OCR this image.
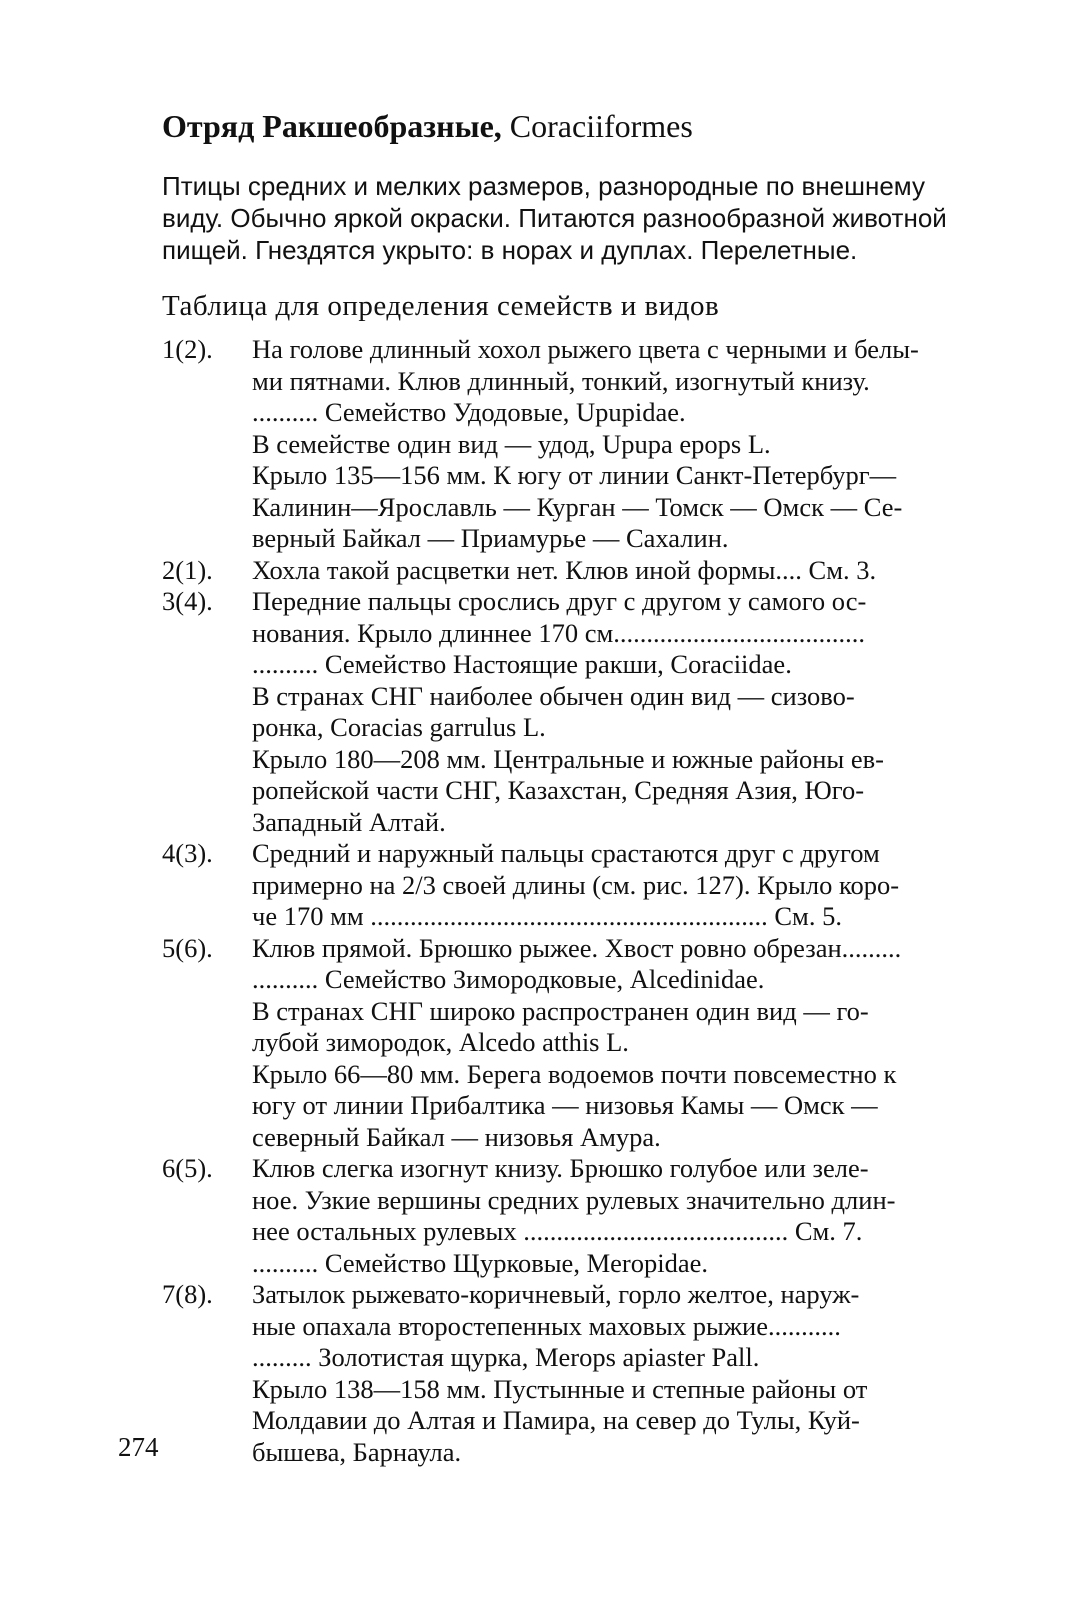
Отряд Ракшеобразные, Coraciiformes
Птицы средних и мелких размеров, разнородные по внешнему
виду. Обычно яркой окраски. Питаются разнообразной животной
пищей. Гнездятся укрыто: в норах и дуплах. Перелетные.
Таблица для определения семейств и видов
1(2).	На голове длинный хохол рыжего цвета с черными и белы-
ми пятнами. Клюв длинный, тонкий, изогнутый книзу.
.......... Семейство Удодовые, Upupidae.
В семействе один вид — удод, Upupa epops L.
Крыло 135—156 мм. К югу от линии Санкт-Петербург—
Калинин—Ярославль — Курган — Томск — Омск — Се-
верный Байкал — Приамурье — Сахалин.
2(1).	Хохла такой расцветки нет. Клюв иной формы.... См. 3.
3(4).	Передние пальцы срослись друг с другом у самого ос-
нования. Крыло длиннее 170 см......................................
.......... Семейство Настоящие ракши, Coraciidae.
В странах СНГ наиболее обычен один вид — сизово-
ронка, Coracias garrulus L.
Крыло 180—208 мм. Центральные и южные районы ев-
ропейской части СНГ, Казахстан, Средняя Азия, Юго-
Западный Алтай.
4(3).	Средний и наружный пальцы срастаются друг с другом
примерно на 2/3 своей длины (см. рис. 127). Крыло коро-
че 170 мм ............................................................ См. 5.
5(6).	Клюв прямой. Брюшко рыжее. Хвост ровно обрезан.........
.......... Семейство Зимородковые, Alcedinidae.
В странах СНГ широко распространен один вид — го-
лубой зимородок, Alcedo atthis L.
Крыло 66—80 мм. Берега водоемов почти повсеместно к
югу от линии Прибалтика — низовья Камы — Омск —
северный Байкал — низовья Амура.
6(5).	Клюв слегка изогнут книзу. Брюшко голубое или зеле-
ное. Узкие вершины средних рулевых значительно длин-
нее остальных рулевых ........................................ См. 7.
.......... Семейство Щурковые, Meropidae.
7(8).	Затылок рыжевато-коричневый, горло желтое, наруж-
ные опахала второстепенных маховых рыжие...........
......... Золотистая щурка, Merops apiaster Pall.
Крыло 138—158 мм. Пустынные и степные районы от
Молдавии до Алтая и Памира, на север до Тулы, Куй-
бышева, Барнаула.
274
